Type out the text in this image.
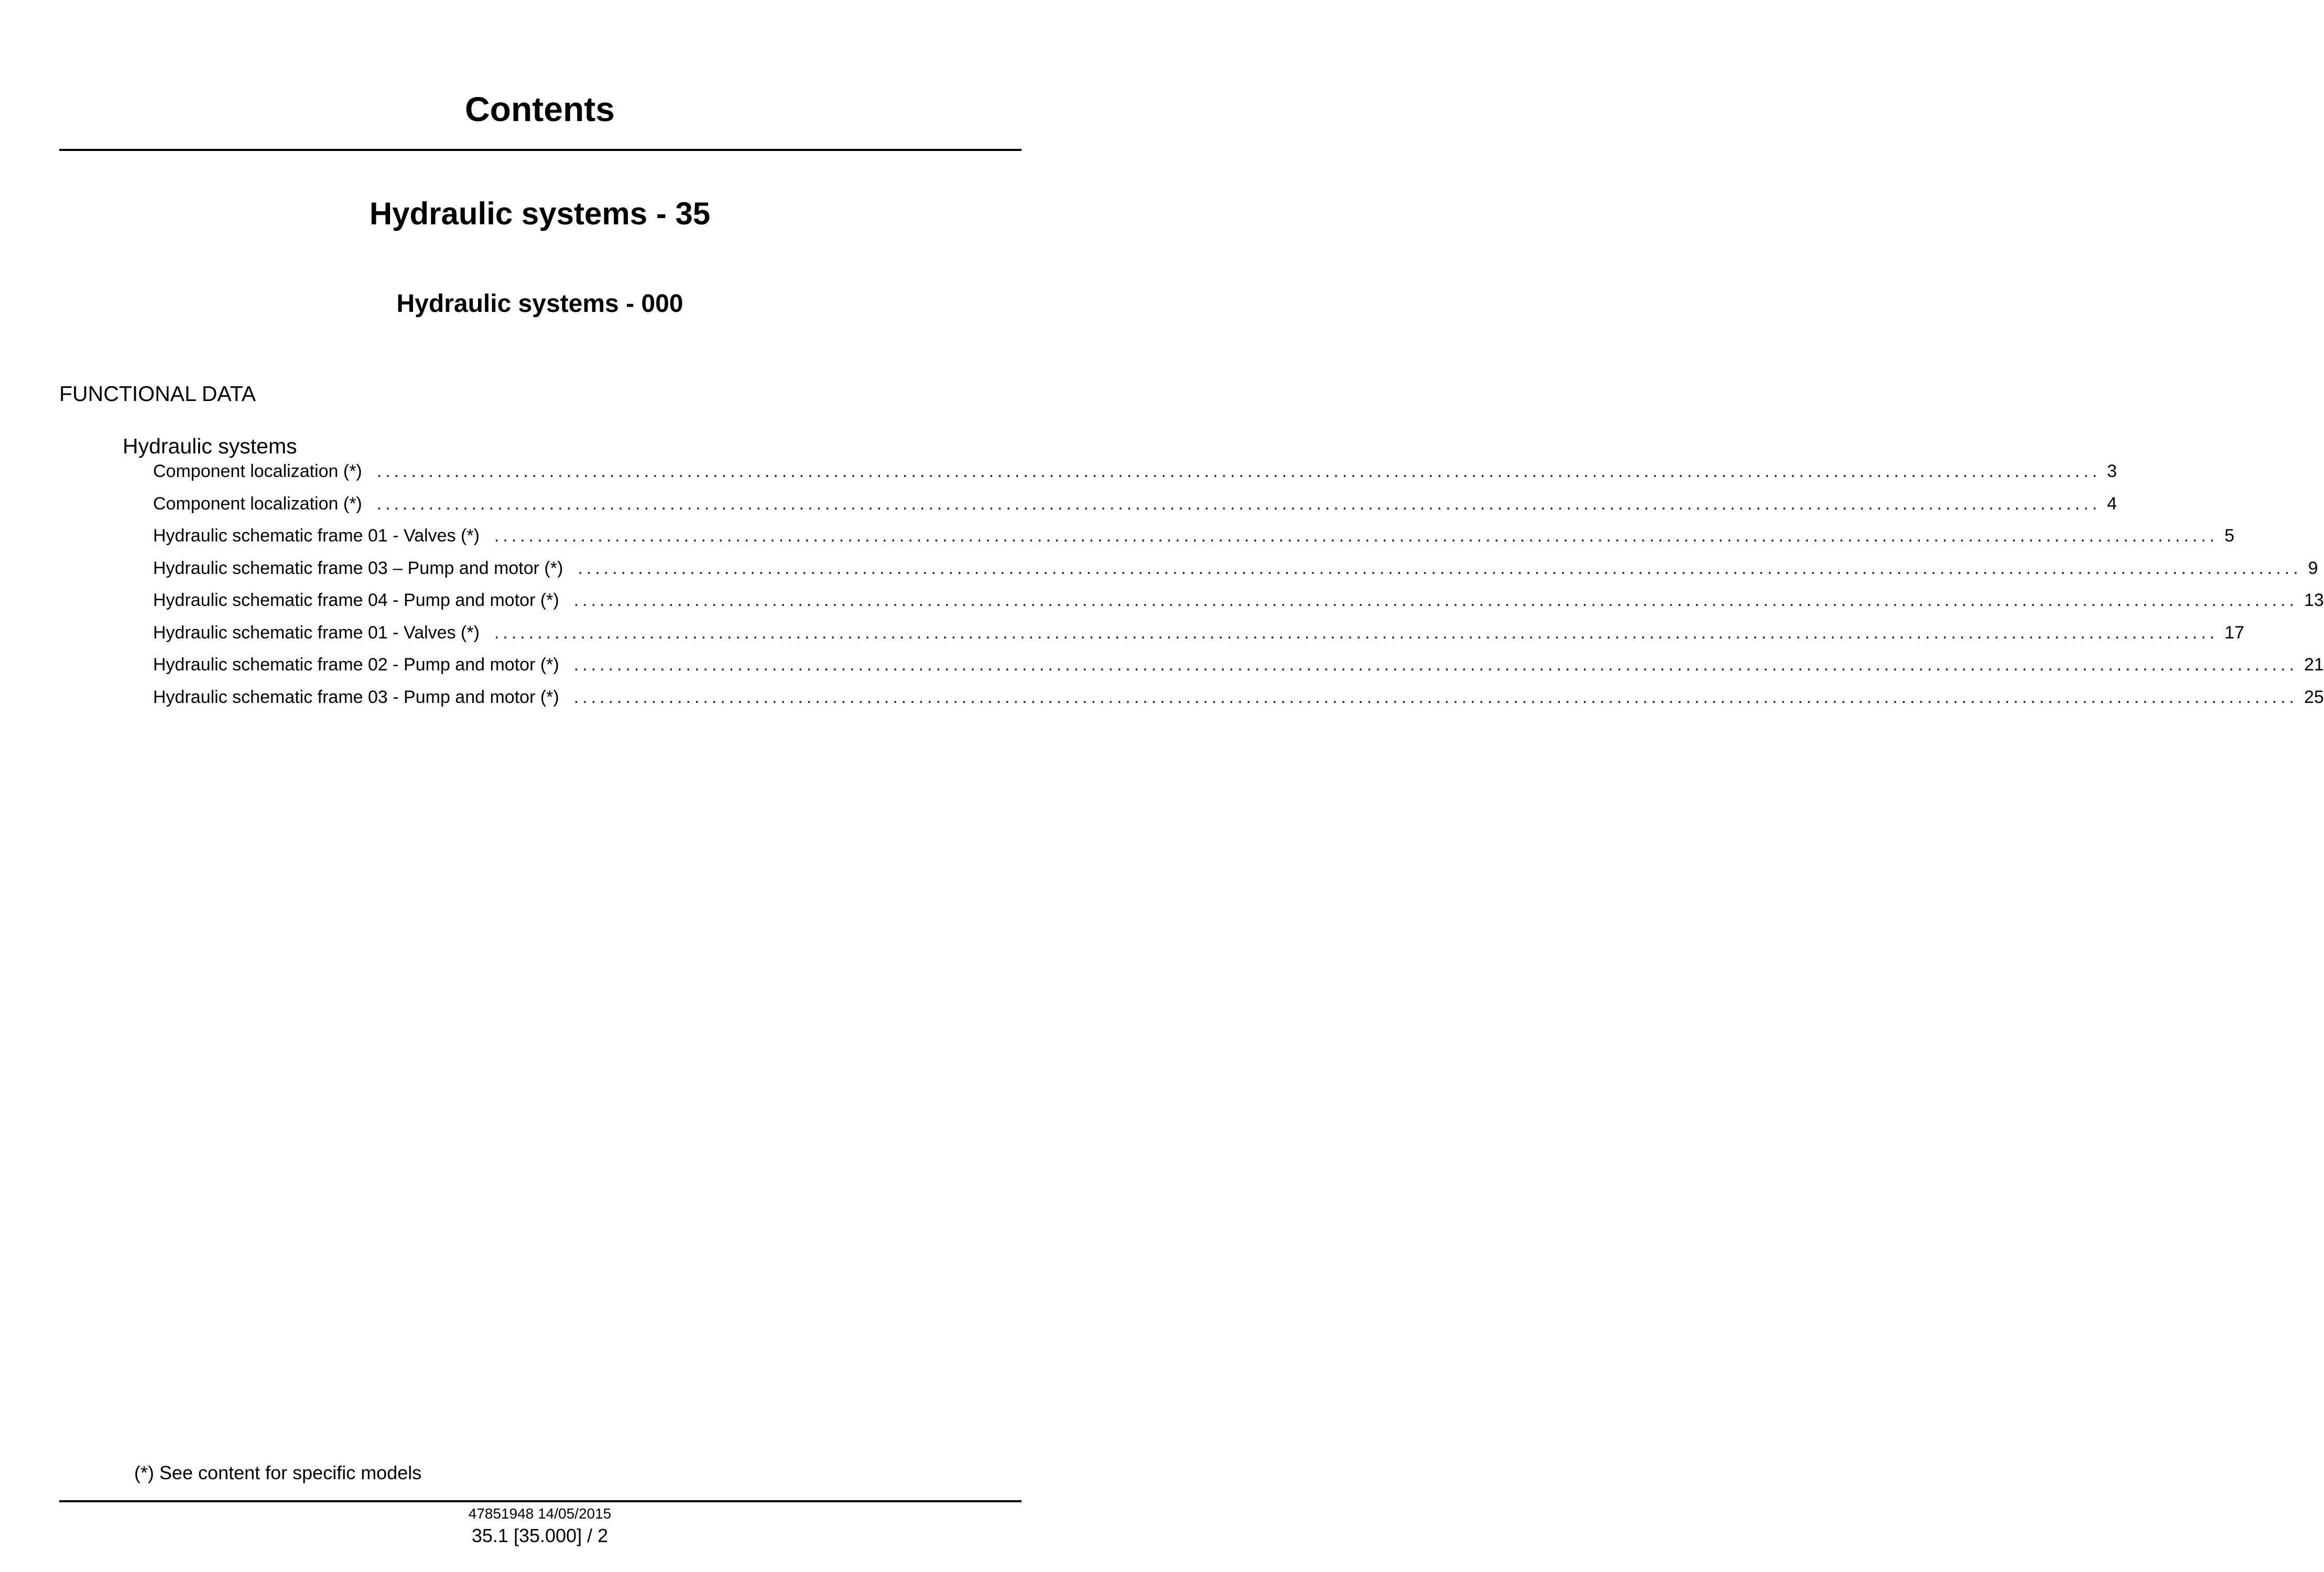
Contents
Hydraulic systems - 35
Hydraulic systems - 000
FUNCTIONAL DATA
Hydraulic systems
Component localization (*) ........................................................................................................................................................................................................ 3
Component localization (*) ........................................................................................................................................................................................................ 4
Hydraulic schematic frame 01 - Valves (*) ........................................................................................................................................................................................................ 5
Hydraulic schematic frame 03 – Pump and motor (*) ........................................................................................................................................................................................................ 9
Hydraulic schematic frame 04 - Pump and motor (*) ........................................................................................................................................................................................................ 13
Hydraulic schematic frame 01 - Valves (*) ........................................................................................................................................................................................................ 17
Hydraulic schematic frame 02 - Pump and motor (*) ........................................................................................................................................................................................................ 21
Hydraulic schematic frame 03 - Pump and motor (*) ........................................................................................................................................................................................................ 25
(*) See content for specific models
47851948 14/05/2015
35.1 [35.000] / 2
